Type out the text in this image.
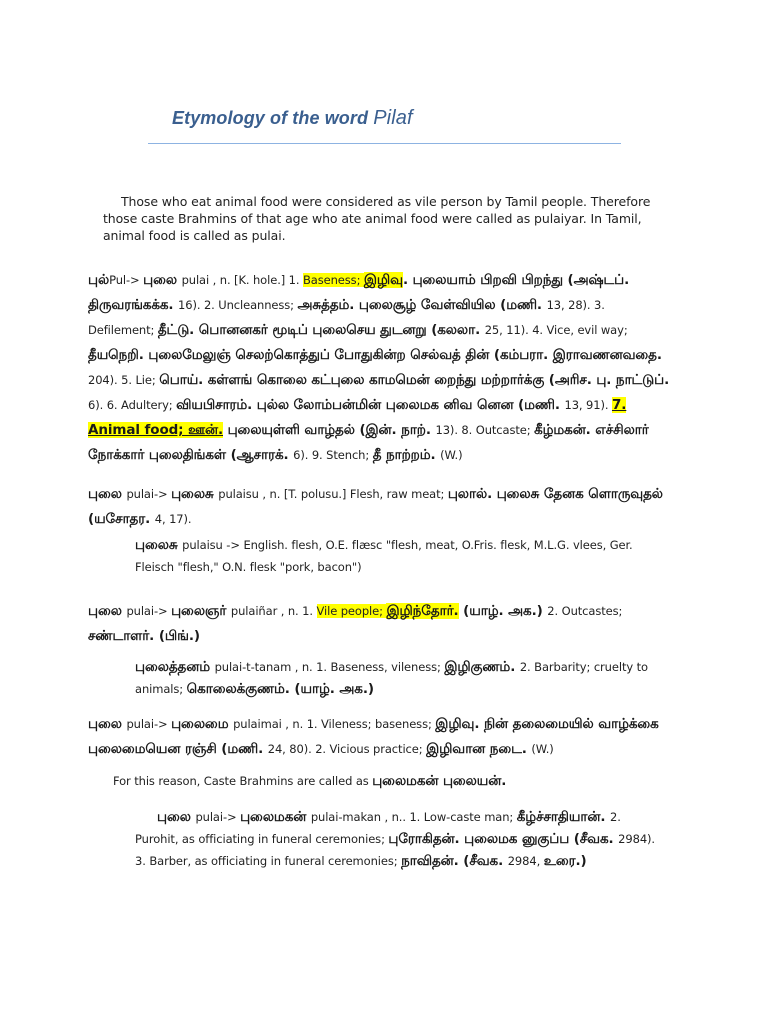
Etymology of the word Pilaf

Those who eat animal food were considered as vile person by Tamil people. Therefore those caste Brahmins of that age who ate animal food were called as pulaiyar. In Tamil, animal food is called as pulai.

புல்Pul-> புலை pulai , n. [K. hole.] 1. Baseness; இழிவு. புலையாம் பிறவி பிறந்து (அஷ்டப். திருவரங்கக்க. 16). 2. Uncleanness; அசுத்தம். புலைசூழ் வேள்வியில (மணி. 13, 28). 3. Defilement; தீட்டு. பொனனகர் மூடிப் புலைசெய துடனறு (கலலா. 25, 11). 4. Vice, evil way; தீயநெறி. புலைமேலுஞ் செலற்கொத்துப் போதுகின்ற செல்வத் தின் (கம்பரா. இராவணனவதை. 204). 5. Lie; பொய். கள்ளங் கொலை கட்புலை காமமென் றைந்து மற்றார்க்கு (அரிச. பு. நாட்டுப். 6). 6. Adultery; வியபிசாரம். புல்ல லோம்பன்மின் புலைமக னிவ னென (மணி. 13, 91). 7. Animal food; ஊன். புலையுள்ளி வாழ்தல் (இன். நாற். 13). 8. Outcaste; கீழ்மகன். எச்சிலார் நோக்கார் புலைதிங்கள் (ஆசாரக். 6). 9. Stench; தீ நாற்றம். (W.)

புலை pulai-> புலைசு pulaisu , n. [T. polusu.] Flesh, raw meat; புலால். புலைசு தேனக ளொருவுதல் (யசோதர. 4, 17).

புலைசு pulaisu -> English. flesh, O.E. flæsc "flesh, meat, O.Fris. flesk, M.L.G. vlees, Ger. Fleisch "flesh," O.N. flesk "pork, bacon")

புலை pulai-> புலைஞர் pulaiñar , n. 1. Vile people; இழிந்தோர். (யாழ். அக.) 2. Outcastes; சண்டாளர். (பிங்.)

புலைத்தனம் pulai-t-tanam , n. 1. Baseness, vileness; இழிகுணம். 2. Barbarity; cruelty to animals; கொலைக்குணம். (யாழ். அக.)

புலை pulai-> புலைமை pulaimai , n. 1. Vileness; baseness; இழிவு. நின் தலைமையில் வாழ்க்கை புலைமையென ரஞ்சி (மணி. 24, 80). 2. Vicious practice; இழிவான நடை. (W.)

For this reason, Caste Brahmins are called as புலைமகன் புலையன்.

புலை pulai-> புலைமகன் pulai-makan , n.. 1. Low-caste man; கீழ்ச்சாதியான். 2. Purohit, as officiating in funeral ceremonies; புரோகிதன். புலைமக னுகுப்ப (சீவக. 2984). 3. Barber, as officiating in funeral ceremonies; நாவிதன். (சீவக. 2984, உரை.)
